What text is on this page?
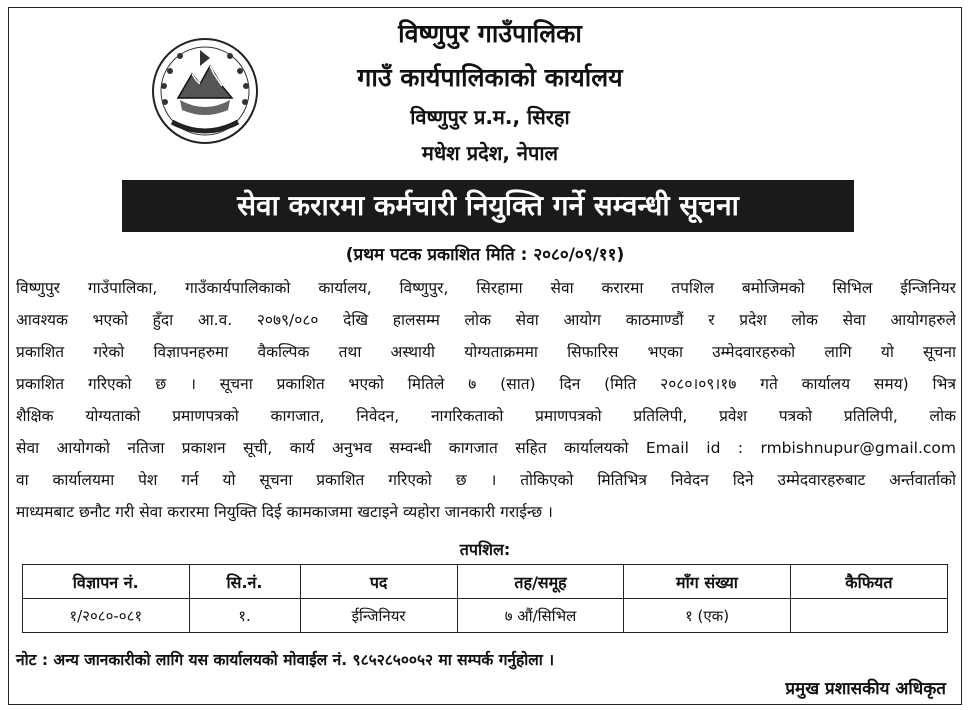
विष्णुपुर गाउँपालिका
गाउँ कार्यपालिकाको कार्यालय
विष्णुपुर प्र.म., सिरहा
मधेश प्रदेश, नेपाल
सेवा करारमा कर्मचारी नियुक्ति गर्ने सम्वन्धी सूचना
(प्रथम पटक प्रकाशित मिति : २०८०/०९/११)
विष्णुपुर गाउँपालिका, गाउँकार्यपालिकाको कार्यालय, विष्णुपुर, सिरहामा सेवा करारमा तपशिल बमोजिमको सिभिल ईन्जिनियर
आवश्यक भएको हुँदा आ.व. २०७९/०८० देखि हालसम्म लोक सेवा आयोग काठमाण्डौं र प्रदेश लोक सेवा आयोगहरुले
प्रकाशित गरेको विज्ञापनहरुमा वैकल्पिक तथा अस्थायी योग्यताक्रममा सिफारिस भएका उम्मेदवारहरुको लागि यो सूचना
प्रकाशित गरिएको छ । सूचना प्रकाशित भएको मितिले ७ (सात) दिन (मिति २०८०।०९।१७ गते कार्यालय समय) भित्र
शैक्षिक योग्यताको प्रमाणपत्रको कागजात, निवेदन, नागरिकताको प्रमाणपत्रको प्रतिलिपी, प्रवेश पत्रको प्रतिलिपी, लोक
सेवा आयोगको नतिजा प्रकाशन सूची, कार्य अनुभव सम्वन्धी कागजात सहित कार्यालयको Email id : rmbishnupur@gmail.com
वा कार्यालयमा पेश गर्न यो सूचना प्रकाशित गरिएको छ । तोकिएको मितिभित्र निवेदन दिने उम्मेदवारहरुबाट अर्न्तवार्ताको
माध्यमबाट छनौट गरी सेवा करारमा नियुक्ति दिई कामकाजमा खटाइने व्यहोरा जानकारी गराईन्छ ।
तपशिल:
विज्ञापन नं.	सि.नं.	पद	तह/समूह	माँग संख्या	कैफियत
१/२०८०-०८१	१.	ईन्जिनियर	७ औं/सिभिल	१ (एक)	
नोट : अन्य जानकारीको लागि यस कार्यालयको मोवाईल नं. ९८५२८५००५२ मा सम्पर्क गर्नुहोला ।
प्रमुख प्रशासकीय अधिकृत
